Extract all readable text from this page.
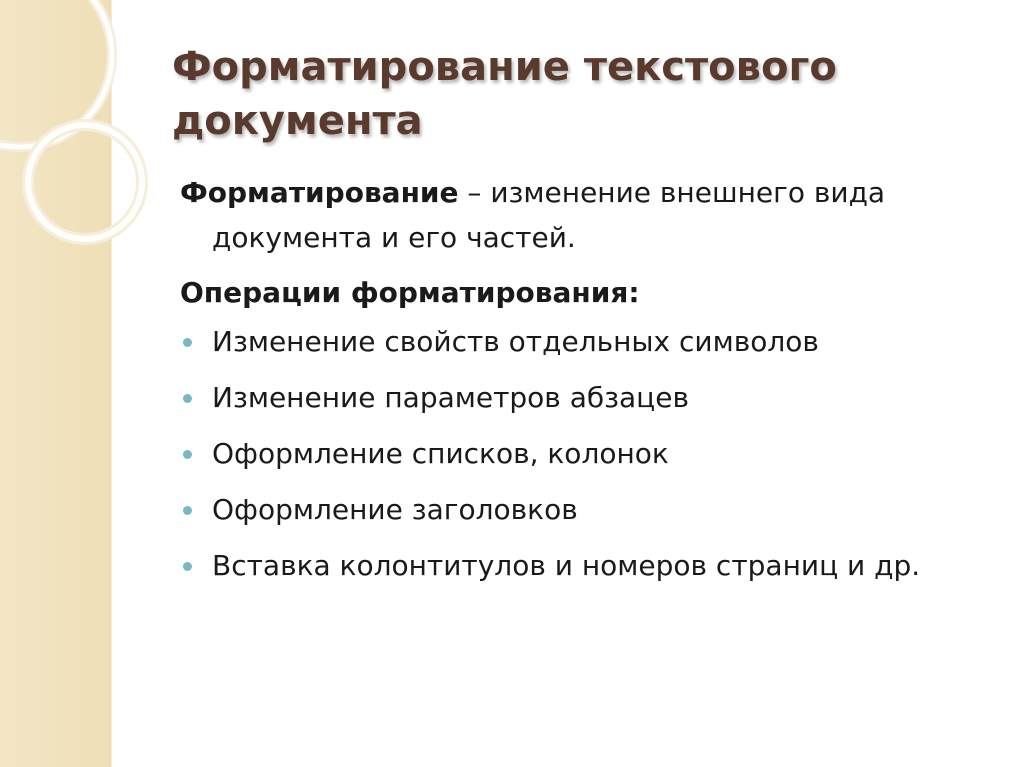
Форматирование текстового документа

Форматирование – изменение внешнего вида
документа и его частей.

Операции форматирования:

Изменение свойств отдельных символов
Изменение параметров абзацев
Оформление списков, колонок
Оформление заголовков
Вставка колонтитулов и номеров страниц и др.
